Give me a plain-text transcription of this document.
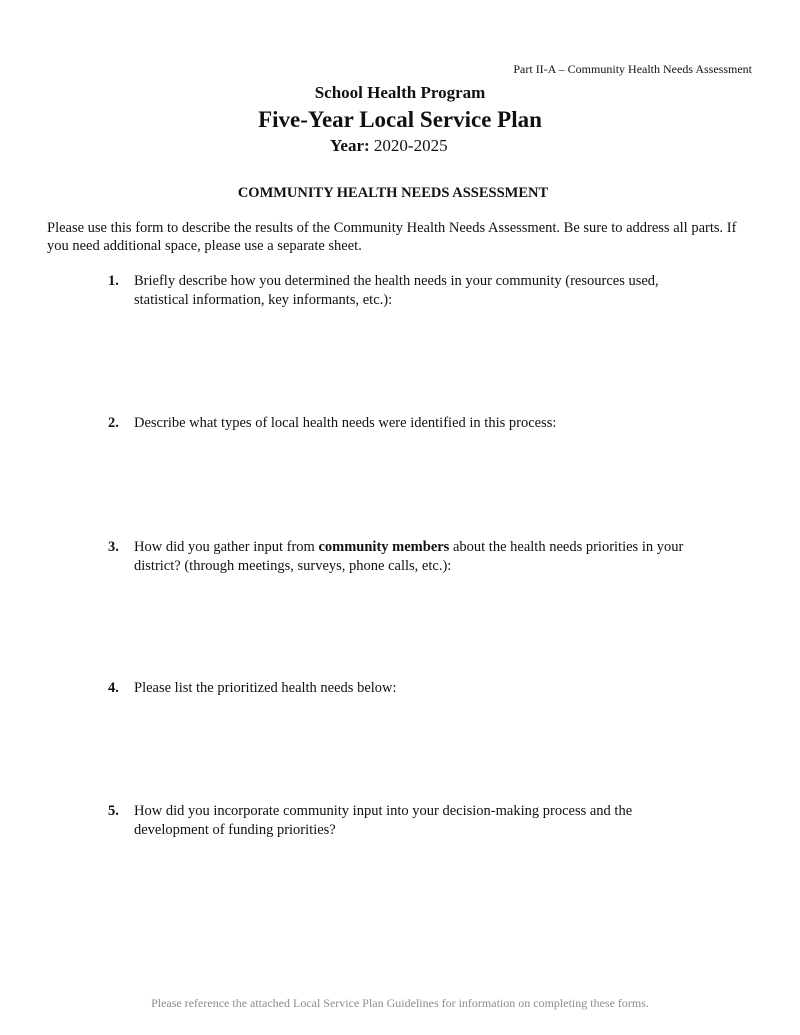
Part II-A – Community Health Needs Assessment
School Health Program
Five-Year Local Service Plan
Year: 2020-2025
COMMUNITY HEALTH NEEDS ASSESSMENT
Please use this form to describe the results of the Community Health Needs Assessment. Be sure to address all parts. If you need additional space, please use a separate sheet.
1. Briefly describe how you determined the health needs in your community (resources used, statistical information, key informants, etc.):
2. Describe what types of local health needs were identified in this process:
3. How did you gather input from community members about the health needs priorities in your district? (through meetings, surveys, phone calls, etc.):
4. Please list the prioritized health needs below:
5. How did you incorporate community input into your decision-making process and the development of funding priorities?
Please reference the attached Local Service Plan Guidelines for information on completing these forms.
